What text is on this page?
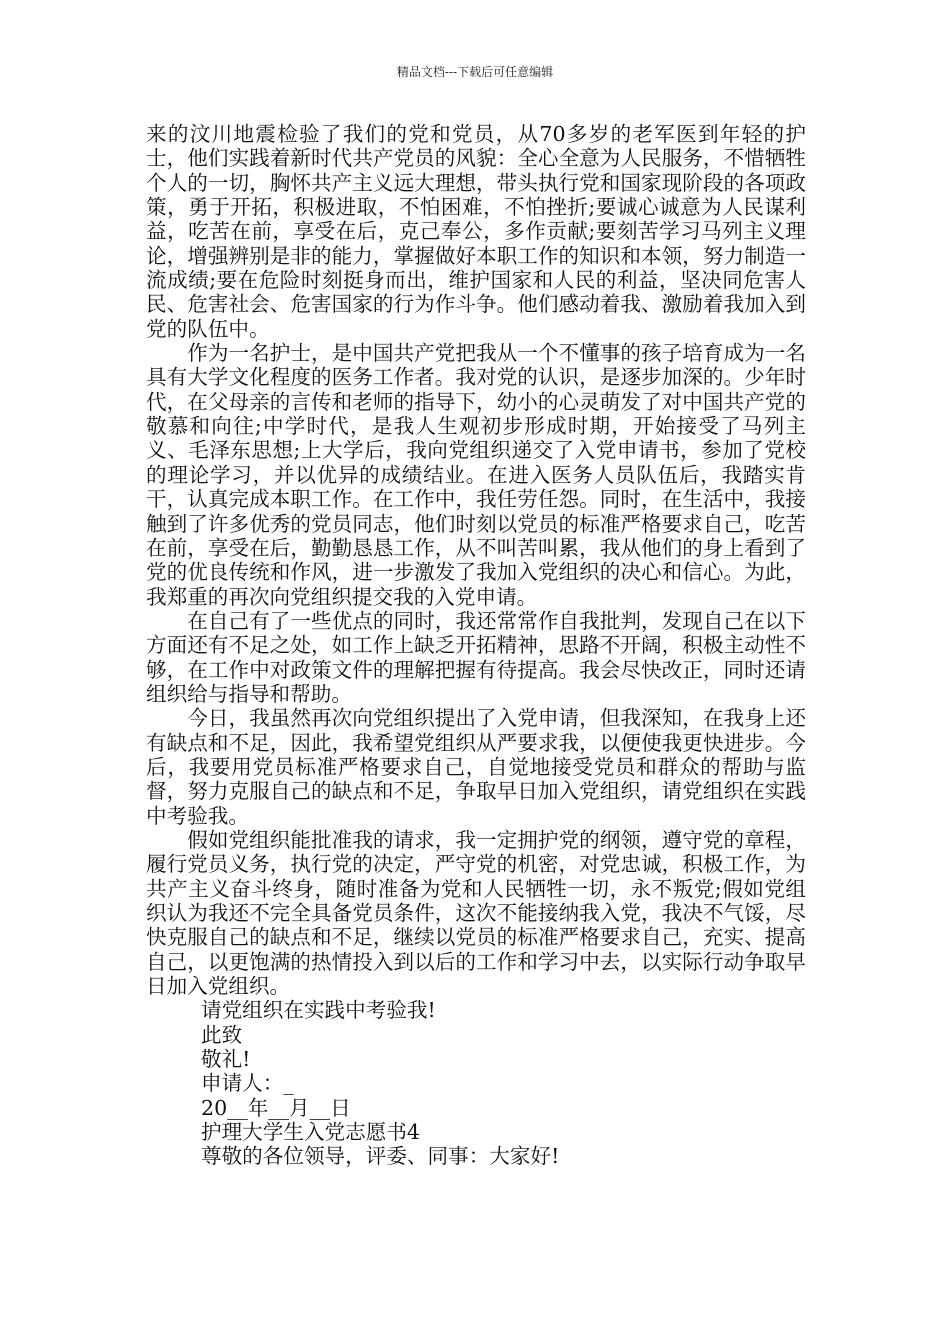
精品文档---下载后可任意编辑

来的汶川地震检验了我们的党和党员，从70多岁的老军医到年轻的护士，他们实践着新时代共产党员的风貌：全心全意为人民服务，不惜牺牲个人的一切，胸怀共产主义远大理想，带头执行党和国家现阶段的各项政策，勇于开拓，积极进取，不怕困难，不怕挫折;要诚心诚意为人民谋利益，吃苦在前，享受在后，克己奉公，多作贡献;要刻苦学习马列主义理论，增强辨别是非的能力，掌握做好本职工作的知识和本领，努力制造一流成绩;要在危险时刻挺身而出，维护国家和人民的利益，坚决同危害人民、危害社会、危害国家的行为作斗争。他们感动着我、激励着我加入到党的队伍中。

作为一名护士，是中国共产党把我从一个不懂事的孩子培育成为一名具有大学文化程度的医务工作者。我对党的认识，是逐步加深的。少年时代，在父母亲的言传和老师的指导下，幼小的心灵萌发了对中国共产党的敬慕和向往;中学时代，是我人生观初步形成时期，开始接受了马列主义、毛泽东思想;上大学后，我向党组织递交了入党申请书，参加了党校的理论学习，并以优异的成绩结业。在进入医务人员队伍后，我踏实肯干，认真完成本职工作。在工作中，我任劳任怨。同时，在生活中，我接触到了许多优秀的党员同志，他们时刻以党员的标准严格要求自己，吃苦在前，享受在后，勤勤恳恳工作，从不叫苦叫累，我从他们的身上看到了党的优良传统和作风，进一步激发了我加入党组织的决心和信心。为此，我郑重的再次向党组织提交我的入党申请。

在自己有了一些优点的同时，我还常常作自我批判，发现自己在以下方面还有不足之处，如工作上缺乏开拓精神，思路不开阔，积极主动性不够，在工作中对政策文件的理解把握有待提高。我会尽快改正，同时还请组织给与指导和帮助。

今日，我虽然再次向党组织提出了入党申请，但我深知，在我身上还有缺点和不足，因此，我希望党组织从严要求我，以便使我更快进步。今后，我要用党员标准严格要求自己，自觉地接受党员和群众的帮助与监督，努力克服自己的缺点和不足，争取早日加入党组织，请党组织在实践中考验我。

假如党组织能批准我的请求，我一定拥护党的纲领，遵守党的章程，履行党员义务，执行党的决定，严守党的机密，对党忠诚，积极工作，为共产主义奋斗终身，随时准备为党和人民牺牲一切，永不叛党;假如党组织认为我还不完全具备党员条件，这次不能接纳我入党，我决不气馁，尽快克服自己的缺点和不足，继续以党员的标准严格要求自己，充实、提高自己，以更饱满的热情投入到以后的工作和学习中去，以实际行动争取早日加入党组织。

请党组织在实践中考验我!
此致
敬礼!
申请人：_
20__年__月__日
护理大学生入党志愿书4
尊敬的各位领导，评委、同事：大家好!
